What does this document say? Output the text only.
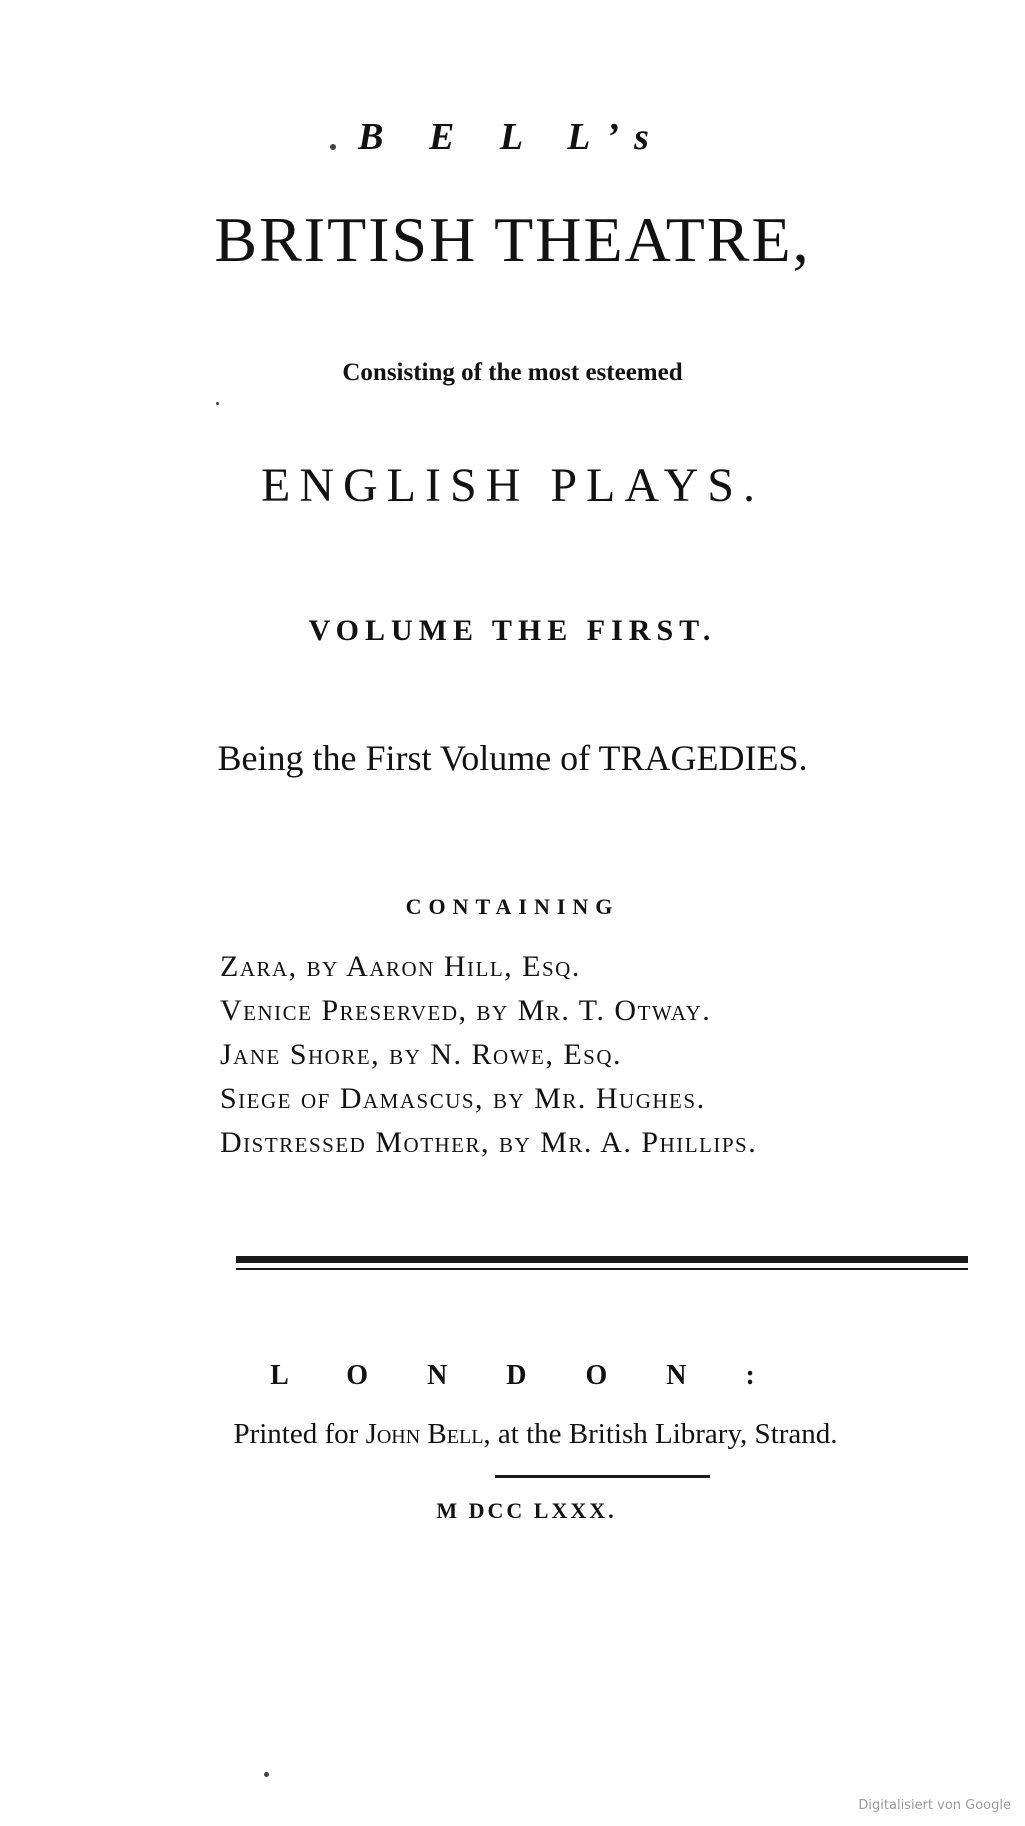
B E L L’s
BRITISH THEATRE,
Consisting of the most esteemed
ENGLISH PLAYS.
VOLUME THE FIRST.
Being the First Volume of TRAGEDIES.
CONTAINING
Zara, by Aaron Hill, Esq.
Venice Preserved, by Mr. T. Otway.
Jane Shore, by N. Rowe, Esq.
Siege of Damascus, by Mr. Hughes.
Distressed Mother, by Mr. A. Phillips.
L O N D O N :
Printed for John Bell, at the British Library, Strand.
M DCC LXXX.
Digitalisiert von Google
